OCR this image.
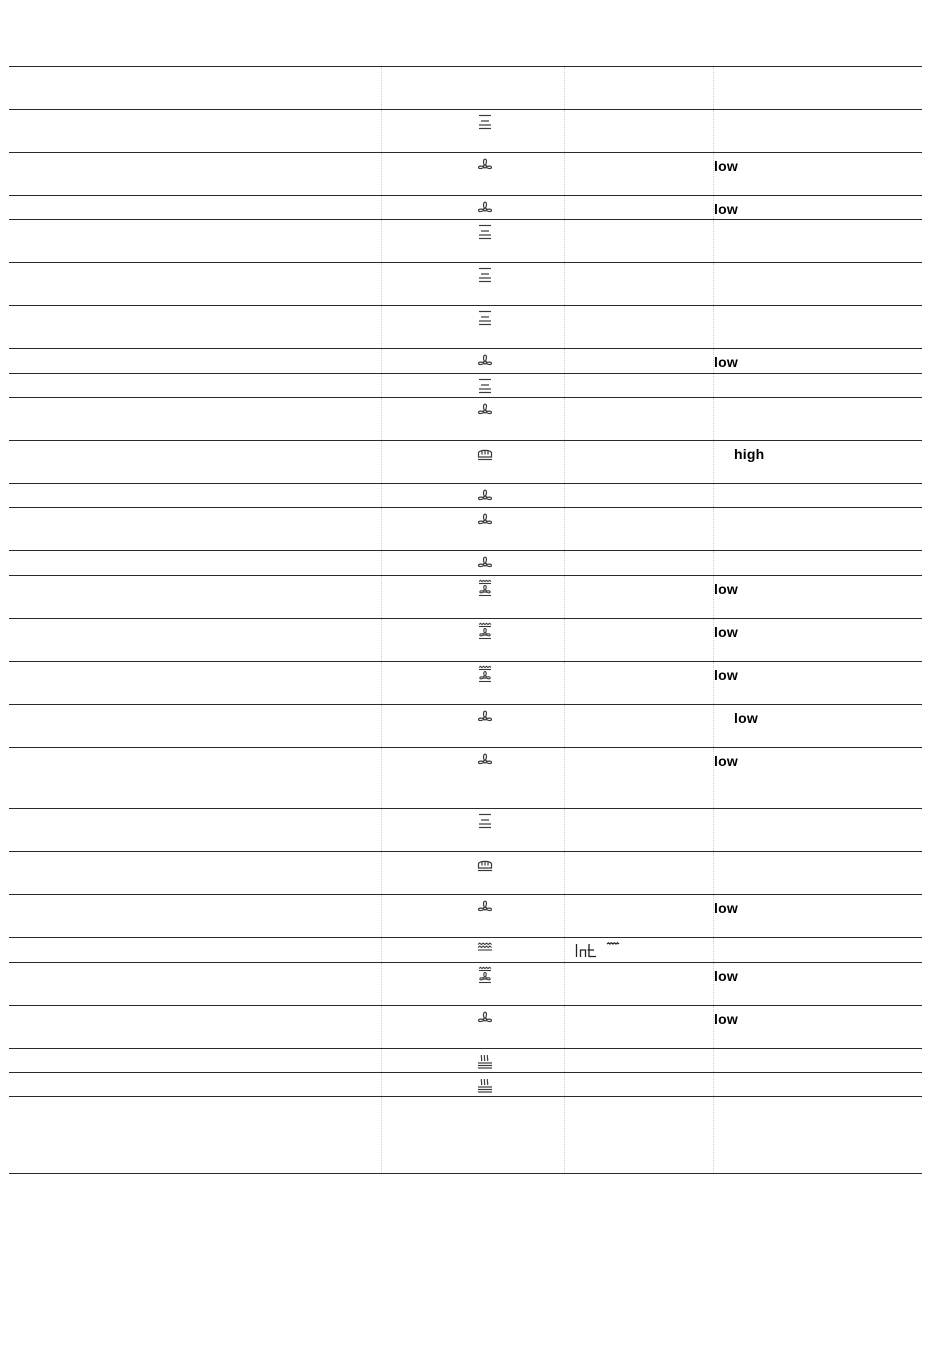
low
low
low
high
low
low
low
low
low
low
low
low
